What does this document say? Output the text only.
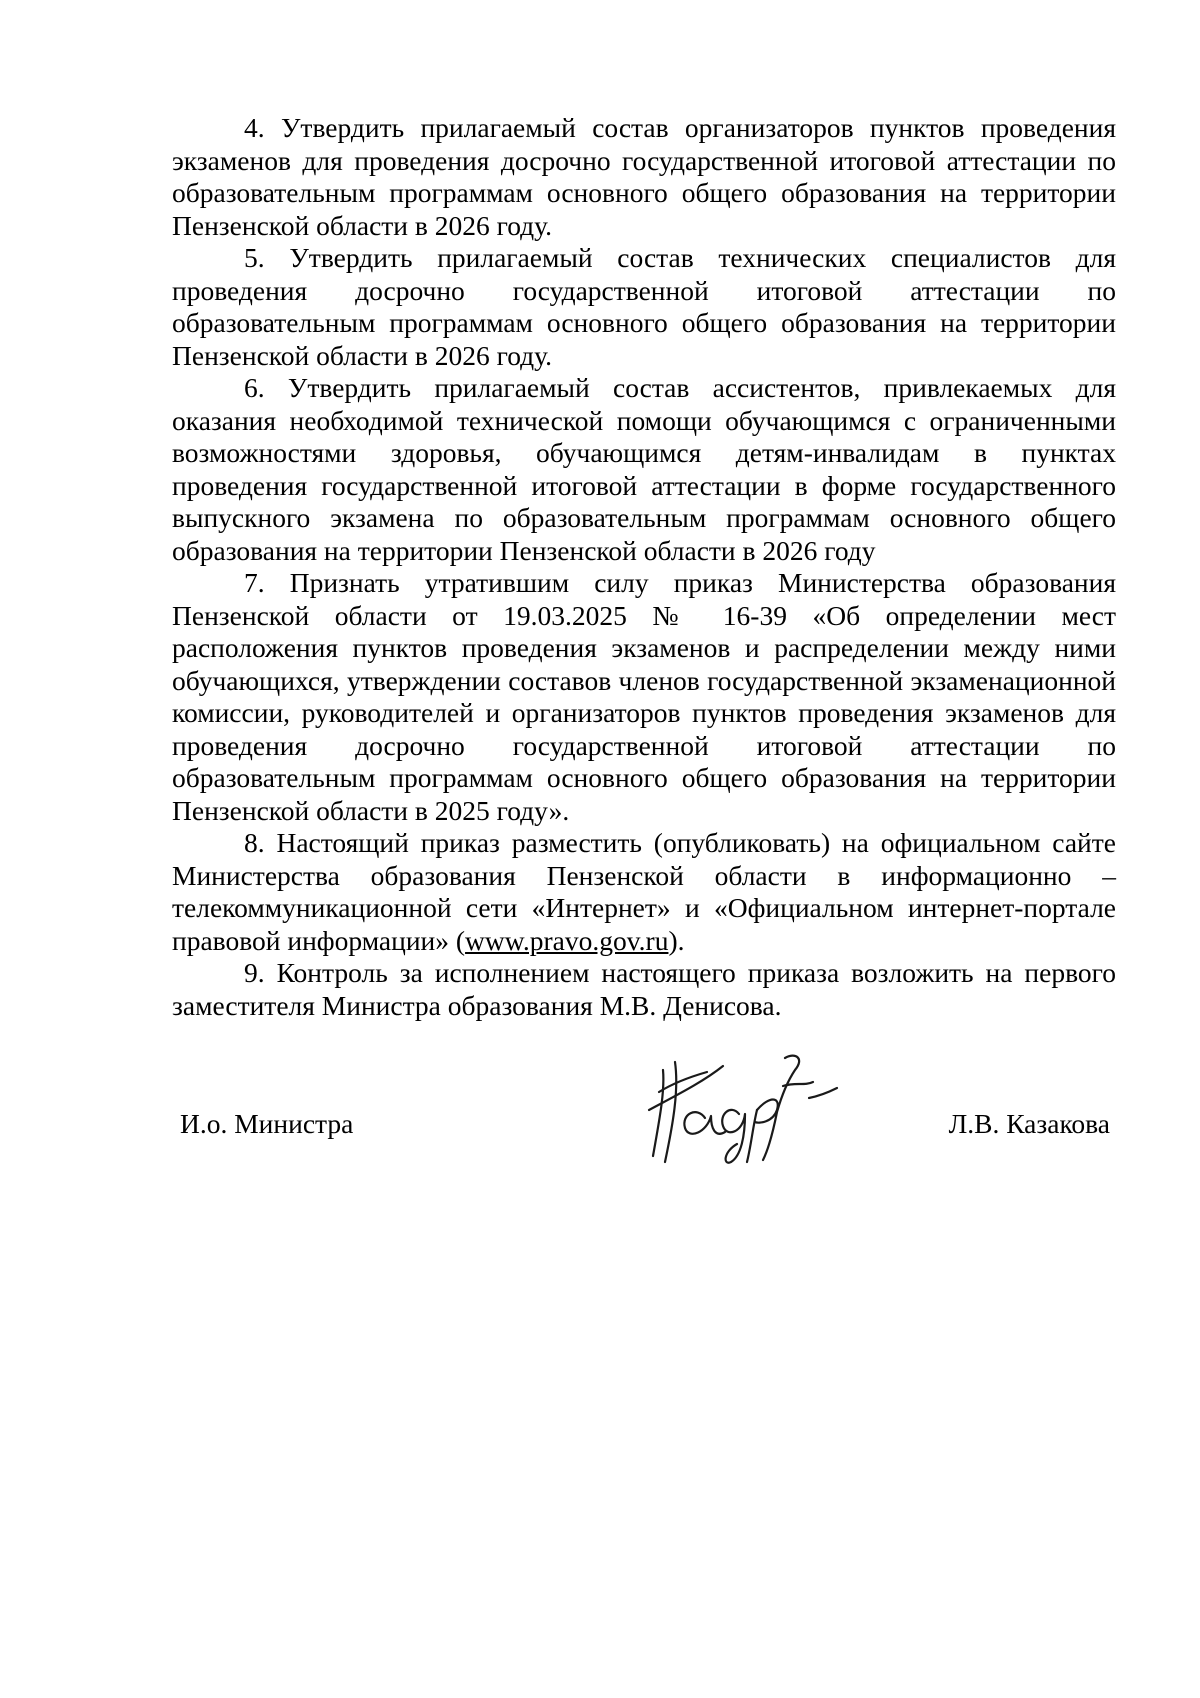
4. Утвердить прилагаемый состав организаторов пунктов проведения экзаменов для проведения досрочно государственной итоговой аттестации по образовательным программам основного общего образования на территории Пензенской области в 2026 году.

5. Утвердить прилагаемый состав технических специалистов для проведения досрочно государственной итоговой аттестации по образовательным программам основного общего образования на территории Пензенской области в 2026 году.

6. Утвердить прилагаемый состав ассистентов, привлекаемых для оказания необходимой технической помощи обучающимся с ограниченными возможностями здоровья, обучающимся детям-инвалидам в пунктах проведения государственной итоговой аттестации в форме государственного выпускного экзамена по образовательным программам основного общего образования на территории Пензенской области в 2026 году

7. Признать утратившим силу приказ Министерства образования Пензенской области от 19.03.2025 № 16-39 «Об определении мест расположения пунктов проведения экзаменов и распределении между ними обучающихся, утверждении составов членов государственной экзаменационной комиссии, руководителей и организаторов пунктов проведения экзаменов для проведения досрочно государственной итоговой аттестации по образовательным программам основного общего образования на территории Пензенской области в 2025 году».

8. Настоящий приказ разместить (опубликовать) на официальном сайте Министерства образования Пензенской области в информационно – телекоммуникационной сети «Интернет» и «Официальном интернет-портале правовой информации» (www.pravo.gov.ru).

9. Контроль за исполнением настоящего приказа возложить на первого заместителя Министра образования М.В. Денисова.

И.о. Министра	Л.В. Казакова
